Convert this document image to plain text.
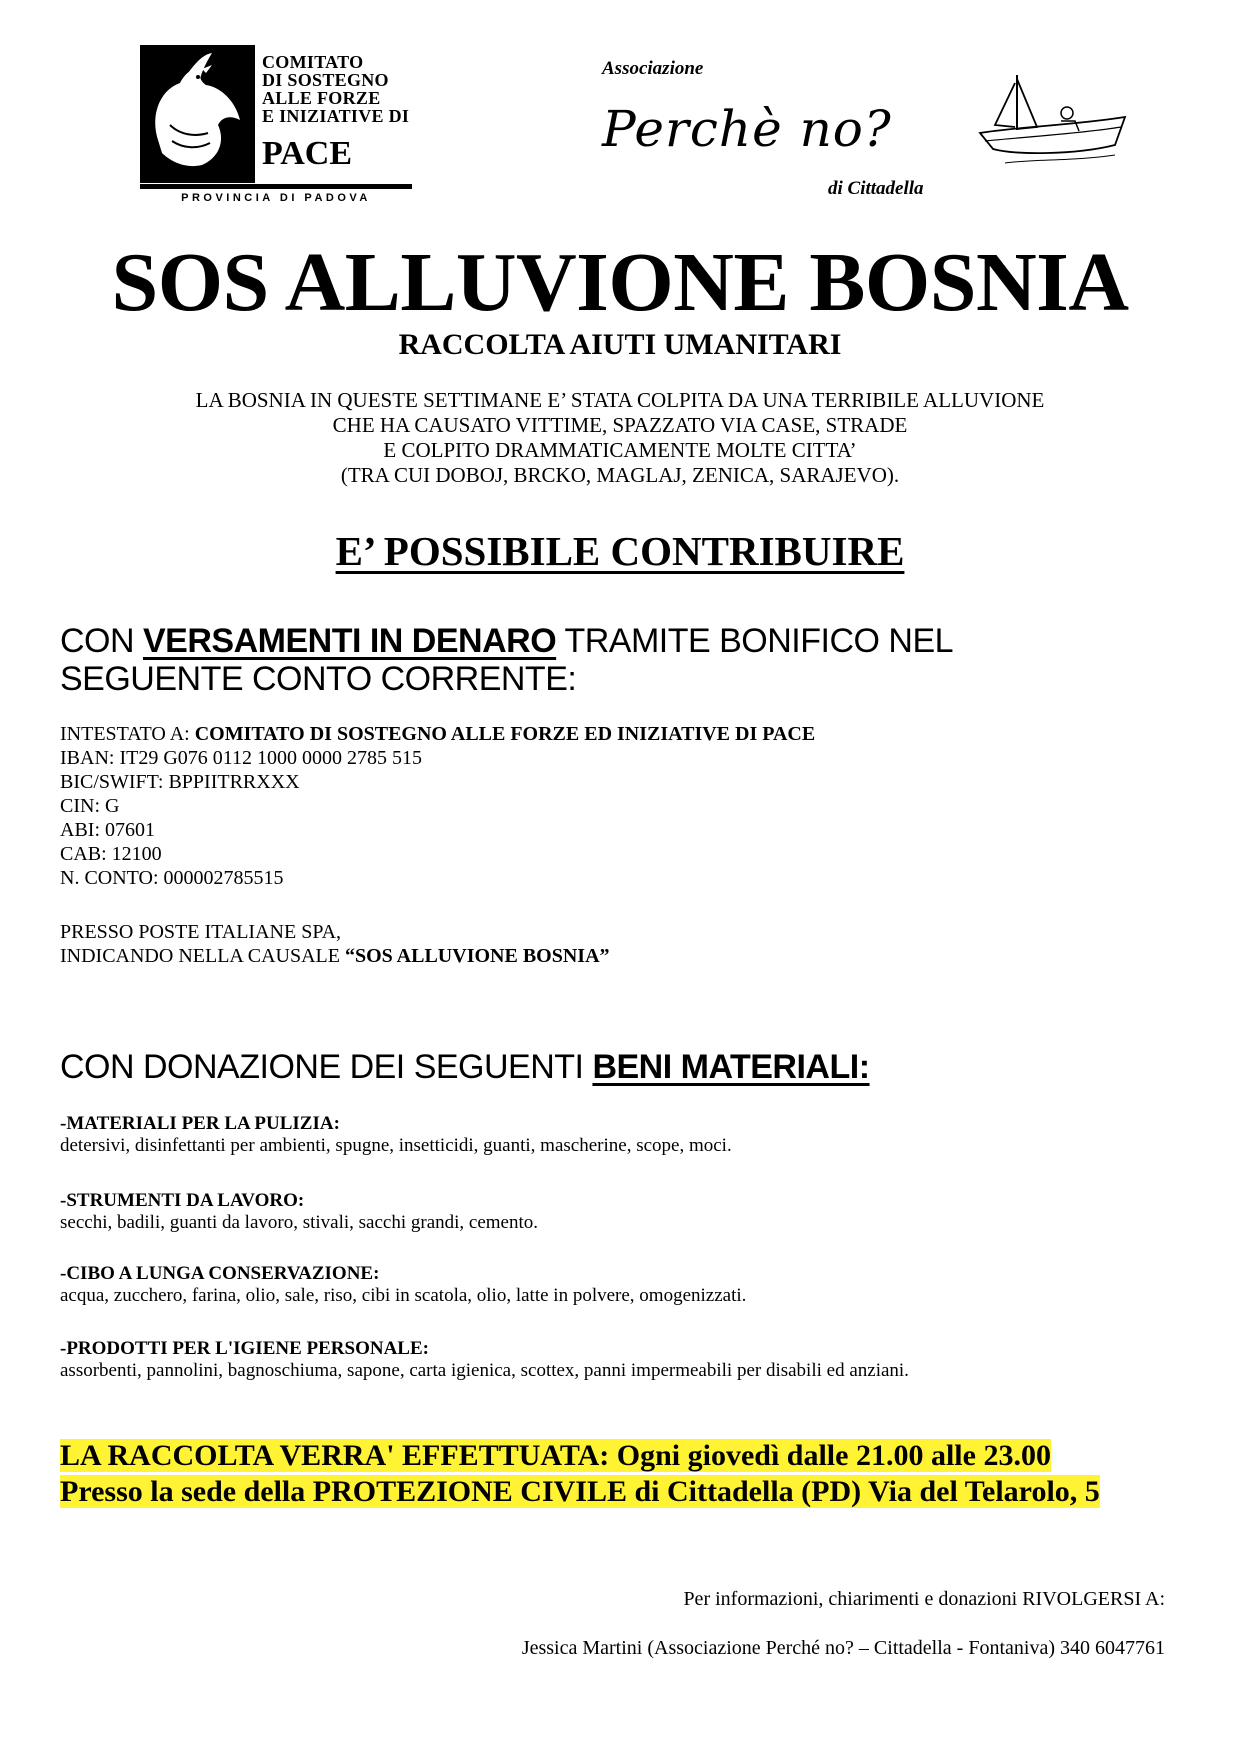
COMITATO
DI SOSTEGNO
ALLE FORZE
E INIZIATIVE DI
PACE
PROVINCIA DI PADOVA
Associazione
Perchè no?
di Cittadella
SOS ALLUVIONE BOSNIA
RACCOLTA AIUTI UMANITARI
LA BOSNIA IN QUESTE SETTIMANE E’ STATA COLPITA DA UNA TERRIBILE ALLUVIONE
CHE HA CAUSATO VITTIME, SPAZZATO VIA CASE, STRADE
E COLPITO DRAMMATICAMENTE MOLTE CITTA’
(TRA CUI DOBOJ, BRCKO, MAGLAJ, ZENICA, SARAJEVO).
E’ POSSIBILE CONTRIBUIRE
CON VERSAMENTI IN DENARO TRAMITE BONIFICO NEL
SEGUENTE CONTO CORRENTE:
INTESTATO A: COMITATO DI SOSTEGNO ALLE FORZE ED INIZIATIVE DI PACE
IBAN: IT29 G076 0112 1000 0000 2785 515
BIC/SWIFT: BPPIITRRXXX
CIN: G
ABI: 07601
CAB: 12100
N. CONTO: 000002785515
PRESSO POSTE ITALIANE SPA,
INDICANDO NELLA CAUSALE “SOS ALLUVIONE BOSNIA”
CON DONAZIONE DEI SEGUENTI BENI MATERIALI:
-MATERIALI PER LA PULIZIA:
detersivi, disinfettanti per ambienti, spugne, insetticidi, guanti, mascherine, scope, moci.
-STRUMENTI DA LAVORO:
secchi, badili, guanti da lavoro, stivali, sacchi grandi, cemento.
-CIBO A LUNGA CONSERVAZIONE:
acqua, zucchero, farina, olio, sale, riso, cibi in scatola, olio, latte in polvere, omogenizzati.
-PRODOTTI PER L'IGIENE PERSONALE:
assorbenti, pannolini, bagnoschiuma, sapone, carta igienica, scottex, panni impermeabili per disabili ed anziani.
LA RACCOLTA VERRA' EFFETTUATA: Ogni giovedì dalle 21.00 alle 23.00
Presso la sede della PROTEZIONE CIVILE di Cittadella (PD) Via del Telarolo, 5
Per informazioni, chiarimenti e donazioni RIVOLGERSI A:
Jessica Martini (Associazione Perché no? – Cittadella - Fontaniva) 340 6047761
